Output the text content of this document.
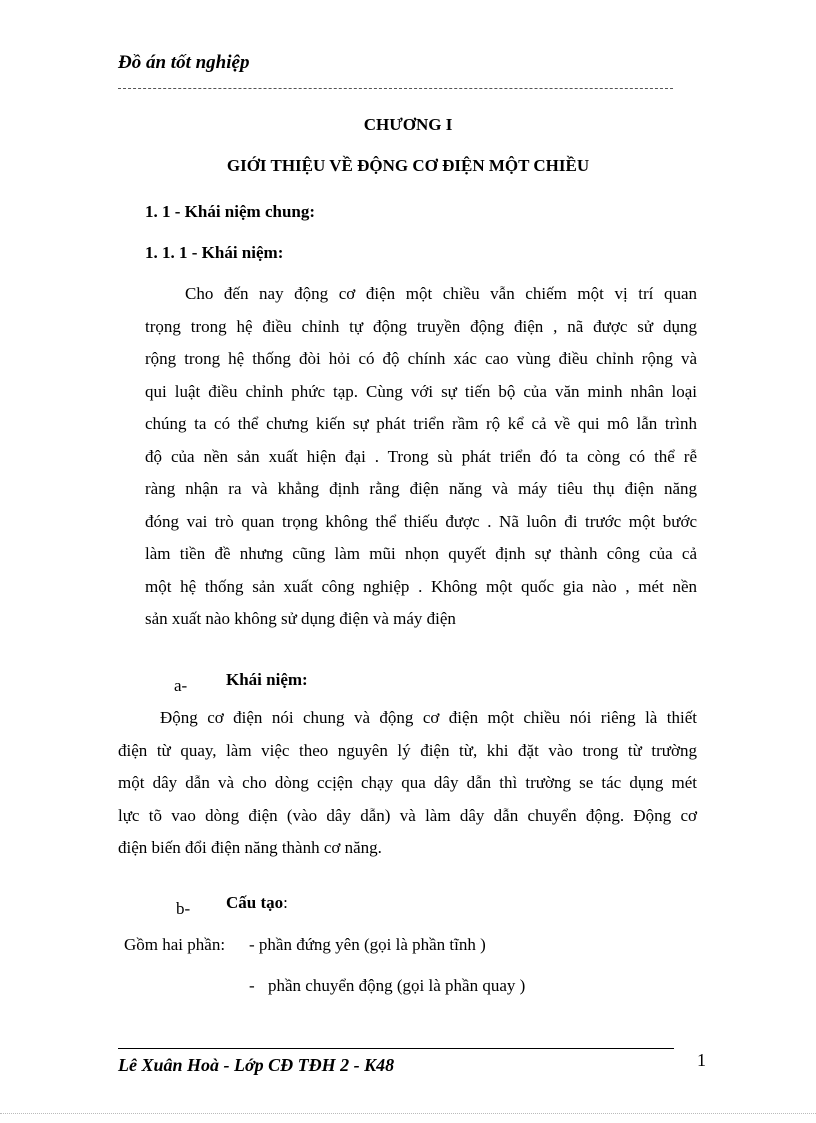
Đồ án tốt nghiệp
CHƯƠNG I
GIỚI THIỆU VỀ ĐỘNG CƠ ĐIỆN MỘT CHIỀU
1. 1 - Khái niệm chung:
1. 1. 1 - Khái niệm:
Cho đến nay động cơ điện một chiều vẫn chiếm một vị trí quan
trọng trong hệ điều chỉnh tự động truyền động điện , nã được sử dụng
rộng trong hệ thống đòi hỏi có độ chính xác cao vùng điều chỉnh rộng và
qui luật điều chỉnh phức tạp. Cùng với sự tiến bộ của văn minh nhân loại
chúng ta có thể chưng kiến sự phát triển rầm rộ kể cả về qui mô lẫn trình
độ của nền sản xuất hiện đại . Trong sù phát triển đó ta còng có thể rễ
ràng nhận ra và khẳng định rằng điện năng và máy tiêu thụ điện năng
đóng vai trò quan trọng không thể thiếu được . Nã luôn đi trước một bước
làm tiền đề nhưng cũng làm mũi nhọn quyết định sự thành công của cả
một hệ thống sản xuất công nghiệp . Không một quốc gia nào , mét nền
sản xuất nào không sử dụng điện và máy điện
a- Khái niệm:
Động cơ điện nói chung và động cơ điện một chiều nói riêng là thiết
điện từ quay, làm việc theo nguyên lý điện từ, khi đặt vào trong từ trường
một dây dẫn và cho dòng ccịện chạy qua dây dẫn thì trường se tác dụng mét
lực tõ vao dòng điện (vào dây dẫn) và làm dây dẫn chuyển động. Động cơ
điện biến đổi điện năng thành cơ năng.
b- Cấu tạo:
Gồm hai phần: - phần đứng yên (gọi là phần tĩnh )
- phần chuyển động (gọi là phần quay )
Lê Xuân Hoà - Lớp CĐ TĐH 2 - K48	1
